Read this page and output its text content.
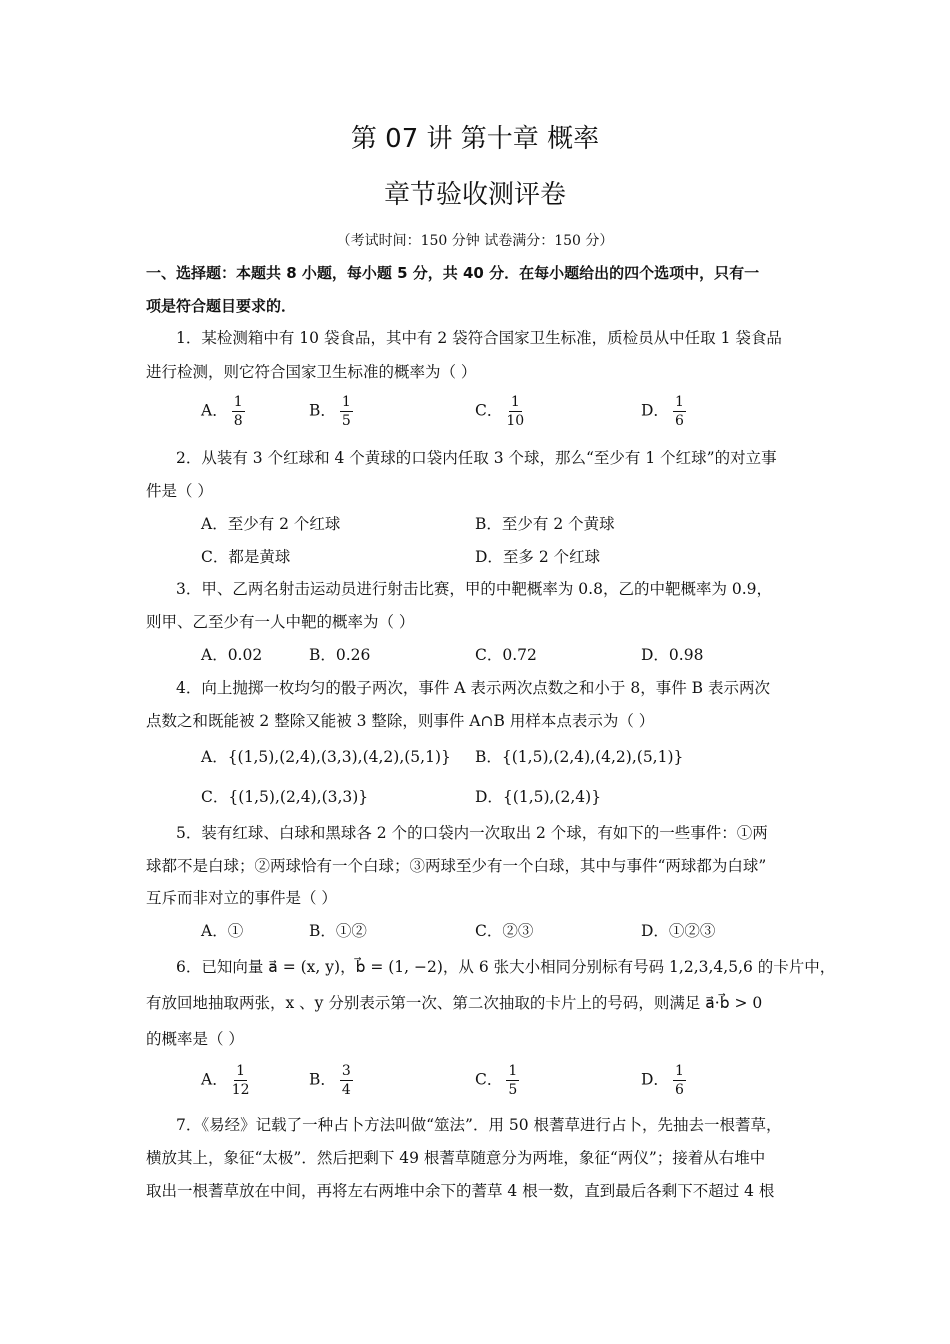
第 07 讲 第十章 概率
章节验收测评卷
（考试时间：150 分钟 试卷满分：150 分）
一、选择题：本题共 8 小题，每小题 5 分，共 40 分．在每小题给出的四个选项中，只有一
项是符合题目要求的．
1．某检测箱中有 10 袋食品，其中有 2 袋符合国家卫生标准，质检员从中任取 1 袋食品
进行检测，则它符合国家卫生标准的概率为（ ）
A． $\frac{1}{8}$	B． $\frac{1}{5}$	C． $\frac{1}{10}$	D． $\frac{1}{6}$
2．从装有 3 个红球和 4 个黄球的口袋内任取 3 个球，那么“至少有 1 个红球”的对立事
件是（ ）
A．至少有 2 个红球	B．至少有 2 个黄球
C．都是黄球	D．至多 2 个红球
3．甲、乙两名射击运动员进行射击比赛，甲的中靶概率为 0.8，乙的中靶概率为 0.9，
则甲、乙至少有一人中靶的概率为（ ）
A．0.02	B．0.26	C．0.72	D．0.98
4．向上抛掷一枚均匀的骰子两次，事件 A 表示两次点数之和小于 8，事件 B 表示两次
点数之和既能被 2 整除又能被 3 整除，则事件 A∩B 用样本点表示为（ ）
A．{(1,5),(2,4),(3,3),(4,2),(5,1)} B．{(1,5),(2,4),(4,2),(5,1)}
C．{(1,5),(2,4),(3,3)}	D．{(1,5),(2,4)}
5．装有红球、白球和黑球各 2 个的口袋内一次取出 2 个球，有如下的一些事件：①两
球都不是白球；②两球恰有一个白球；③两球至少有一个白球，其中与事件“两球都为白球”
互斥而非对立的事件是（ ）
A．①	B．①②	C．②③	D．①②③
6．已知向量 a⃗ = (x, y)，b⃗ = (1, −2)，从 6 张大小相同分别标有号码 1,2,3,4,5,6 的卡片中，
有放回地抽取两张，x 、y 分别表示第一次、第二次抽取的卡片上的号码，则满足 a⃗·b⃗ > 0
的概率是（ ）
A． $\frac{1}{12}$	B． $\frac{3}{4}$	C． $\frac{1}{5}$	D． $\frac{1}{6}$
7．《易经》记载了一种占卜方法叫做“筮法”．用 50 根蓍草进行占卜，先抽去一根蓍草，
横放其上，象征“太极”．然后把剩下 49 根蓍草随意分为两堆，象征“两仪”；接着从右堆中
取出一根蓍草放在中间，再将左右两堆中余下的蓍草 4 根一数，直到最后各剩下不超过 4 根
